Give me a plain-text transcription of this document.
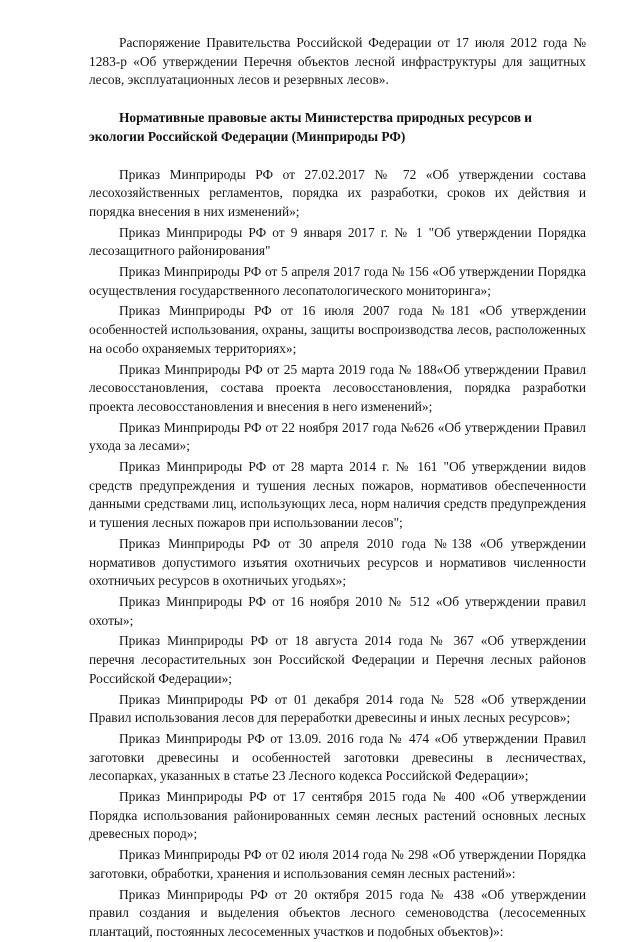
Распоряжение Правительства Российской Федерации от 17 июля 2012 года № 1283-р «Об утверждении Перечня объектов лесной инфраструктуры для защитных лесов, эксплуатационных лесов и резервных лесов».

Нормативные правовые акты Министерства природных ресурсов и экологии Российской Федерации (Минприроды РФ)

Приказ Минприроды РФ от 27.02.2017 № 72 «Об утверждении состава лесохозяйственных регламентов, порядка их разработки, сроков их действия и порядка внесения в них изменений»;

Приказ Минприроды РФ от 9 января 2017 г. № 1 "Об утверждении Порядка лесозащитного районирования"

Приказ Минприроды РФ от 5 апреля 2017 года № 156 «Об утверждении Порядка осуществления государственного лесопатологического мониторинга»;

Приказ Минприроды РФ от 16 июля 2007 года №181 «Об утверждении особенностей использования, охраны, защиты воспроизводства лесов, расположенных на особо охраняемых территориях»;

Приказ Минприроды РФ от 25 марта 2019 года № 188«Об утверждении Правил лесовосстановления, состава проекта лесовосстановления, порядка разработки проекта лесовосстановления и внесения в него изменений»;

Приказ Минприроды РФ от 22 ноября 2017 года №626 «Об утверждении Правил ухода за лесами»;

Приказ Минприроды РФ от 28 марта 2014 г. № 161 "Об утверждении видов средств предупреждения и тушения лесных пожаров, нормативов обеспеченности данными средствами лиц, использующих леса, норм наличия средств предупреждения и тушения лесных пожаров при использовании лесов";

Приказ Минприроды РФ от 30 апреля 2010 года №138 «Об утверждении нормативов допустимого изъятия охотничьих ресурсов и нормативов численности охотничьих ресурсов в охотничьих угодьях»;

Приказ Минприроды РФ от 16 ноября 2010 № 512 «Об утверждении правил охоты»;

Приказ Минприроды РФ от 18 августа 2014 года № 367 «Об утверждении перечня лесорастительных зон Российской Федерации и Перечня лесных районов Российской Федерации»;

Приказ Минприроды РФ от 01 декабря 2014 года № 528 «Об утверждении Правил использования лесов для переработки древесины и иных лесных ресурсов»;

Приказ Минприроды РФ от 13.09. 2016 года № 474 «Об утверждении Правил заготовки древесины и особенностей заготовки древесины в лесничествах, лесопарках, указанных в статье 23 Лесного кодекса Российской Федерации»;

Приказ Минприроды РФ от 17 сентября 2015 года № 400 «Об утверждении Порядка использования районированных семян лесных растений основных лесных древесных пород»;

Приказ Минприроды РФ от 02 июля 2014 года № 298 «Об утверждении Порядка заготовки, обработки, хранения и использования семян лесных растений»:

Приказ Минприроды РФ от 20 октября 2015 года № 438 «Об утверждении правил создания и выделения объектов лесного семеноводства (лесосеменных плантаций, постоянных лесосеменных участков и подобных объектов)»:
